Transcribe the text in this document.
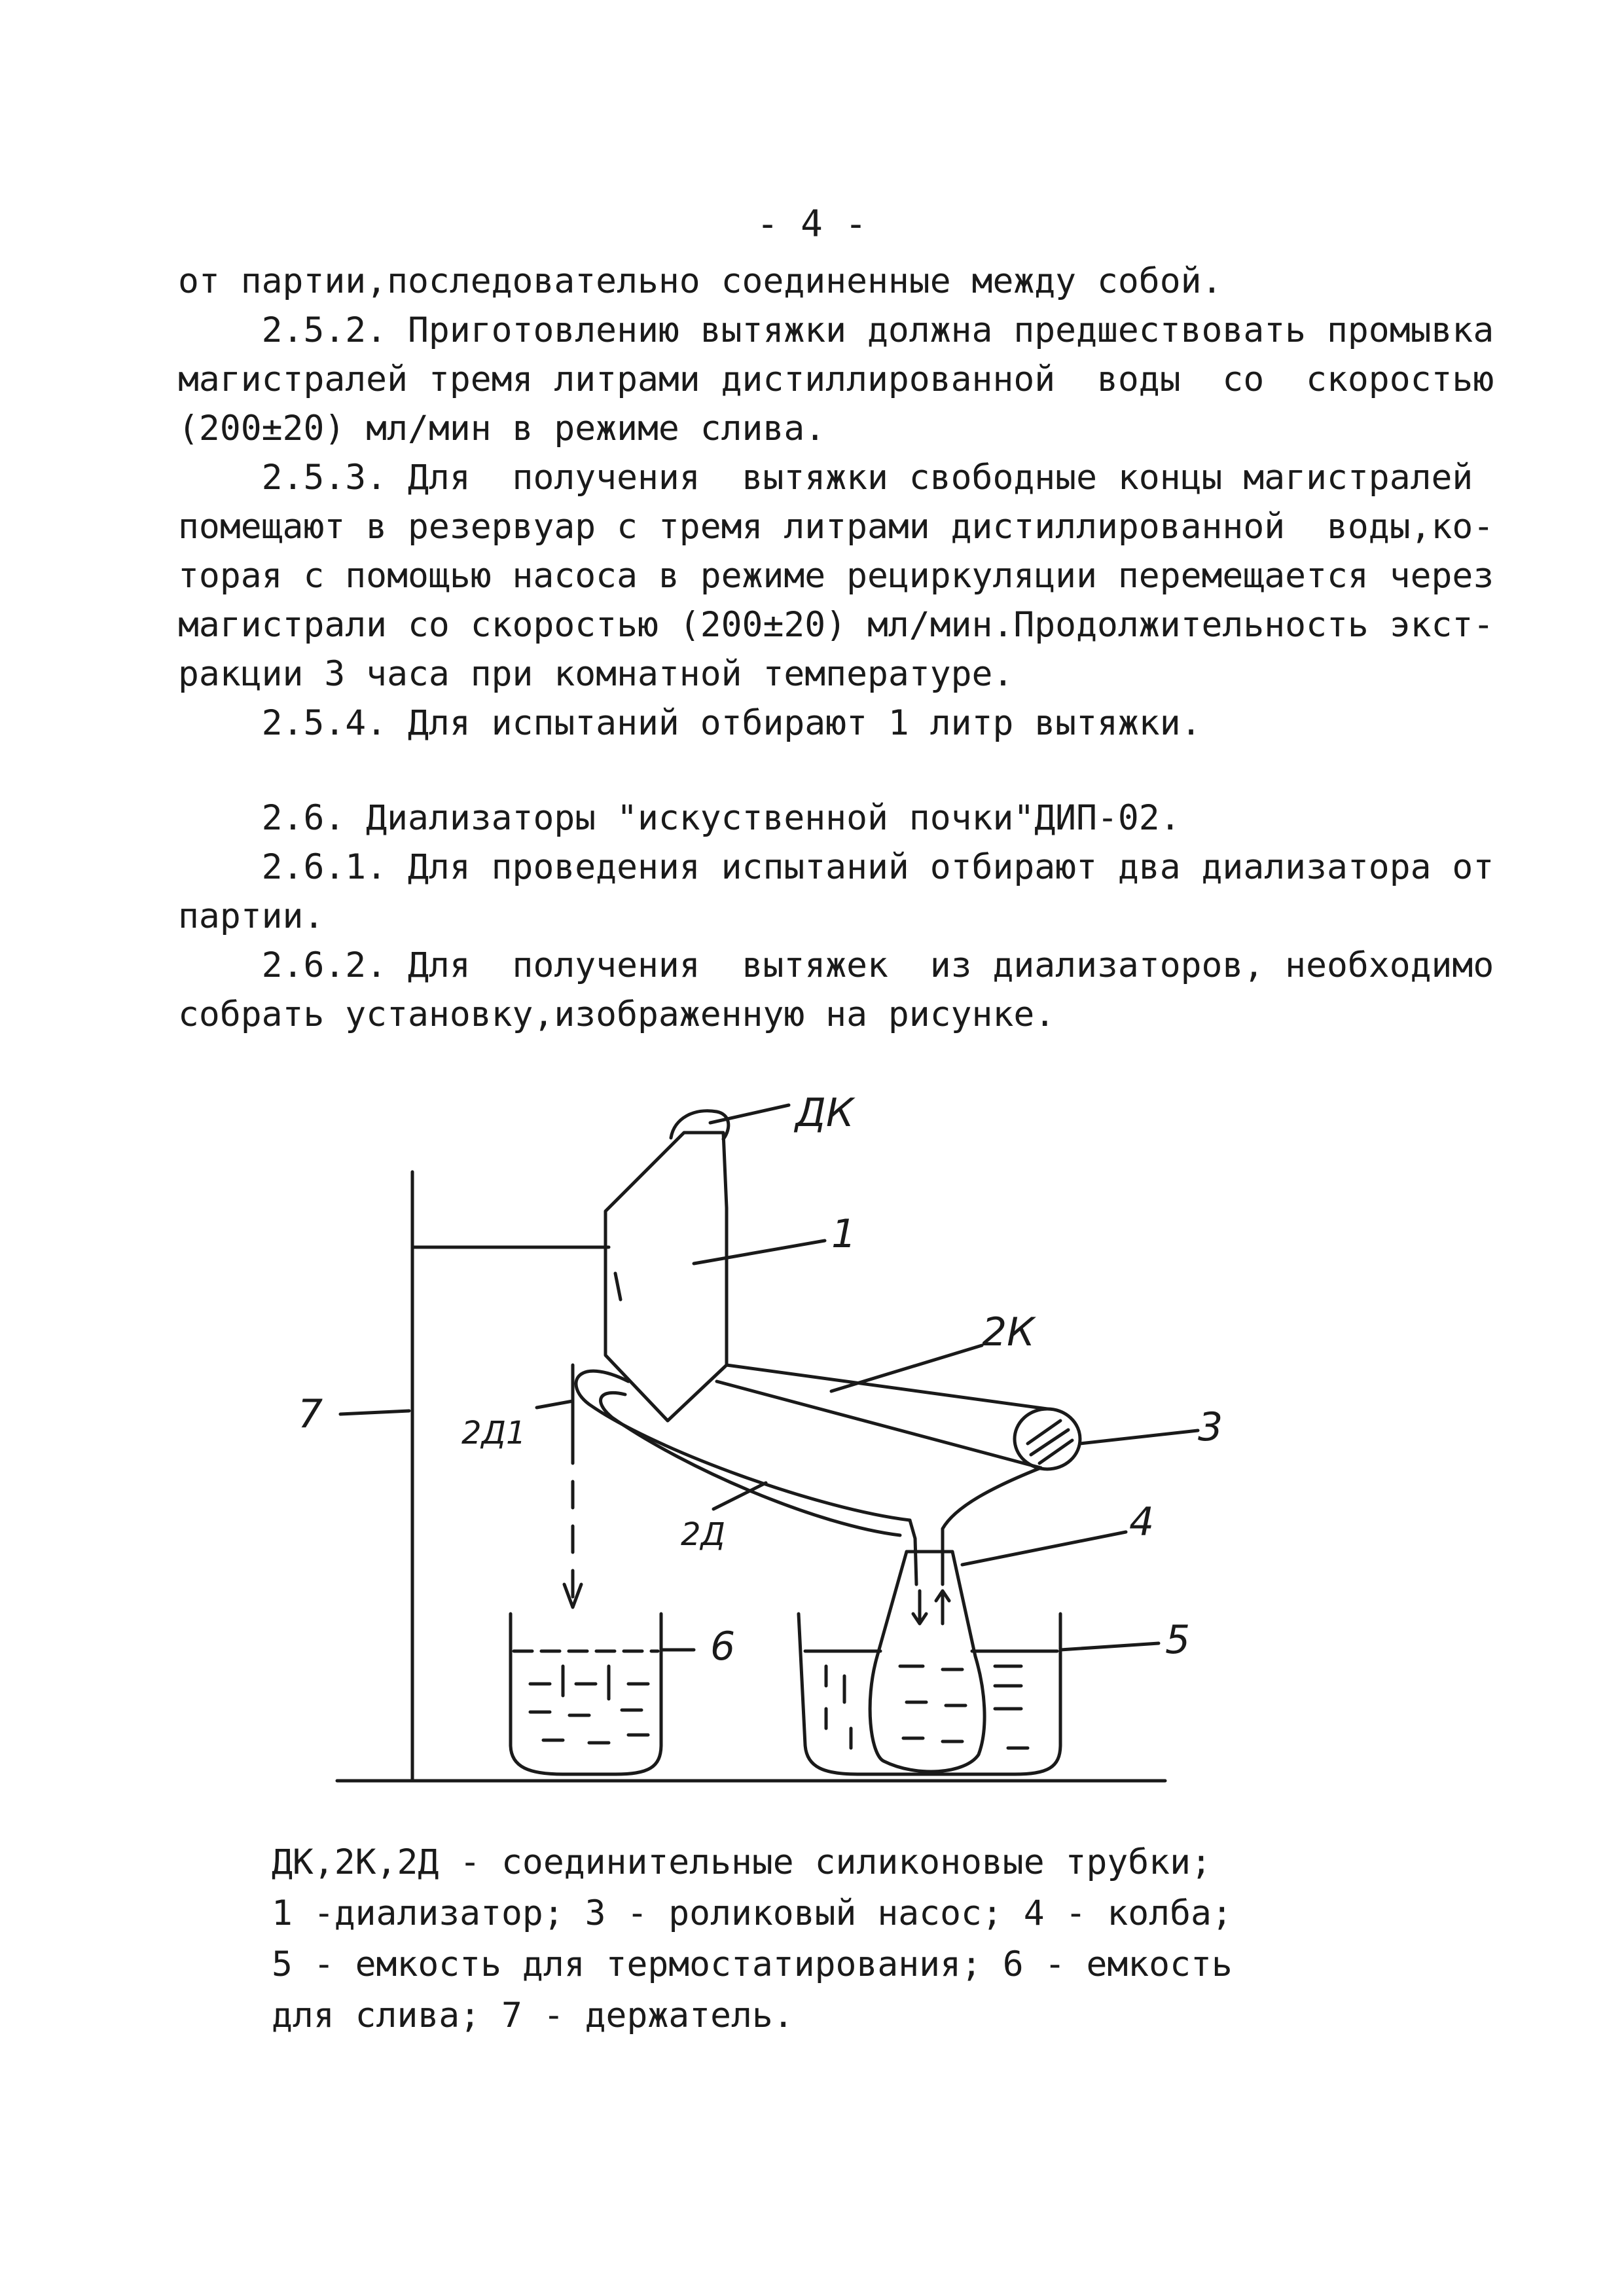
- 4 -
от партии,последовательно соединенные между собой.
2.5.2. Приготовлению вытяжки должна предшествовать промывка
магистралей тремя литрами дистиллированной  воды  со  скоростью
(200±20) мл/мин в режиме слива.
2.5.3. Для  получения  вытяжки свободные концы магистралей
помещают в резервуар с тремя литрами дистиллированной  воды,ко-
торая с помощью насоса в режиме рециркуляции перемещается через
магистрали со скоростью (200±20) мл/мин.Продолжительность экст-
ракции 3 часа при комнатной температуре.
2.5.4. Для испытаний отбирают 1 литр вытяжки.
2.6. Диализаторы "искуственной почки"ДИП-02.
2.6.1. Для проведения испытаний отбирают два диализатора от
партии.
2.6.2. Для  получения  вытяжек  из диализаторов, необходимо
собрать установку,изображенную на рисунке.
ДК
1
2К
3
4
5
6
7	2Д1
2Д
ДК,2К,2Д - соединительные силиконовые трубки;
1 -диализатор; 3 - роликовый насос; 4 - колба;
5 - емкость для термостатирования; 6 - емкость
для слива; 7 - держатель.
